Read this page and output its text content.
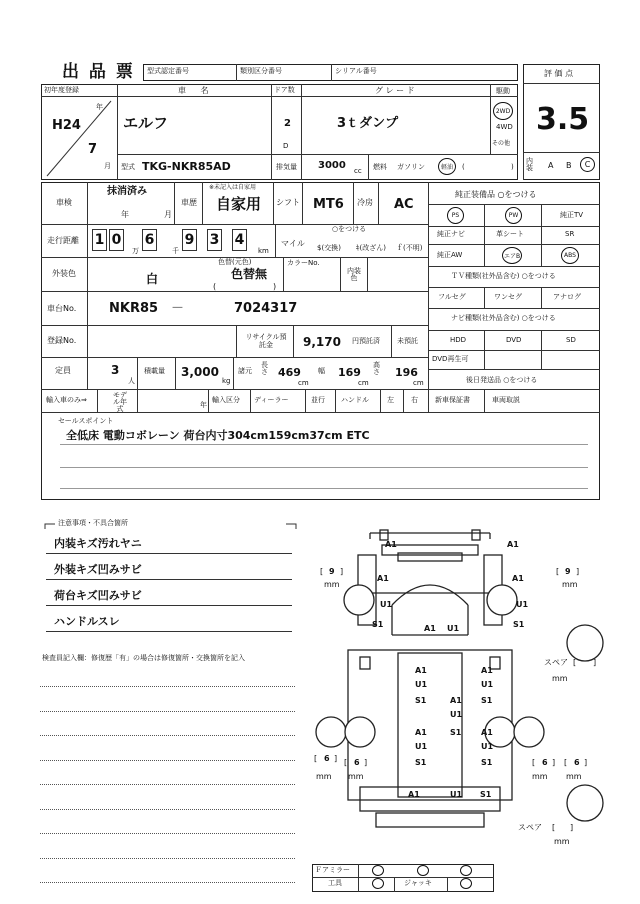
出 品 票 型式認定番号	類別区分番号	シリアル番号	評 価 点
3.5
初年度登録
年
月
H24
7
車 名
エルフ
ドア数
2
D
グ レ ー ド
3ｔダンプ
駆動
2WD
4WD
その他
型式 TKG-NKR85AD	排気量 3000 cc 燃料 ガソリン	軽油 (	)
内装 A B C
車検
抹消済み
年	月
車歴
※未記入は自家用
自家用 シフト MT6 冷房 AC
走行距離 1 0 6 9 3 4
万	千	km
マイル
○をつける
$(交換) ｷ(改ざん) ｆ(不明)
外装色	白
色替(元色)
色替無
(	)
カラーNo.
内装色
車台No.	NKR85 －	7024317
登録No.	リサイクル預託金	9,170 円預託済 未預託
定員	3
人
積載量 3,000
kg
諸元
長さ 469
cm
幅 169
cm
高さ 196
cm
輸入車のみ⇒
モデル年式	年
輸入区分 ディーラー	並行 ハンドル	左 右
純正装備品 ○をつける
PS	PW	純正TV
純正ナビ	革シート	SR
純正AW	エアB	ABS
ＴＶ種類(社外品含む) ○をつける
フルセグ	ワンセグ	アナログ
ナビ種類(社外品含む) ○をつける
HDD	DVD	SD
DVD再生可
後日発送品 ○をつける
新車保証書	車両取説
セールスポイント
全低床 電動コボレーン 荷台内寸304cm159cm37cm ETC
注意事項・不具合箇所
内装キズ汚れヤニ
外装キズ凹みサビ
荷台キズ凹みサビ
ハンドルスレ
検査員記入欄：修復歴「有」の場合は修復箇所・交換箇所を記入
A1	A1
A1	A1
U1	U1
S1	S1
A1 U1
A1	A1
U1	U1
S1	A1 S1
U1
A1	S1 A1
U1	U1
S1	S1
A1	U1 S1
[ 9 ]
mm
[ 9 ]
mm
[ 6 ]
mm
[ 6 ]
mm
[ 6 ]
mm
[ 6 ]
mm
スペア [ ]
mm
スペア [ ]
mm
Ｆアミラー
工具	ジャッキ
